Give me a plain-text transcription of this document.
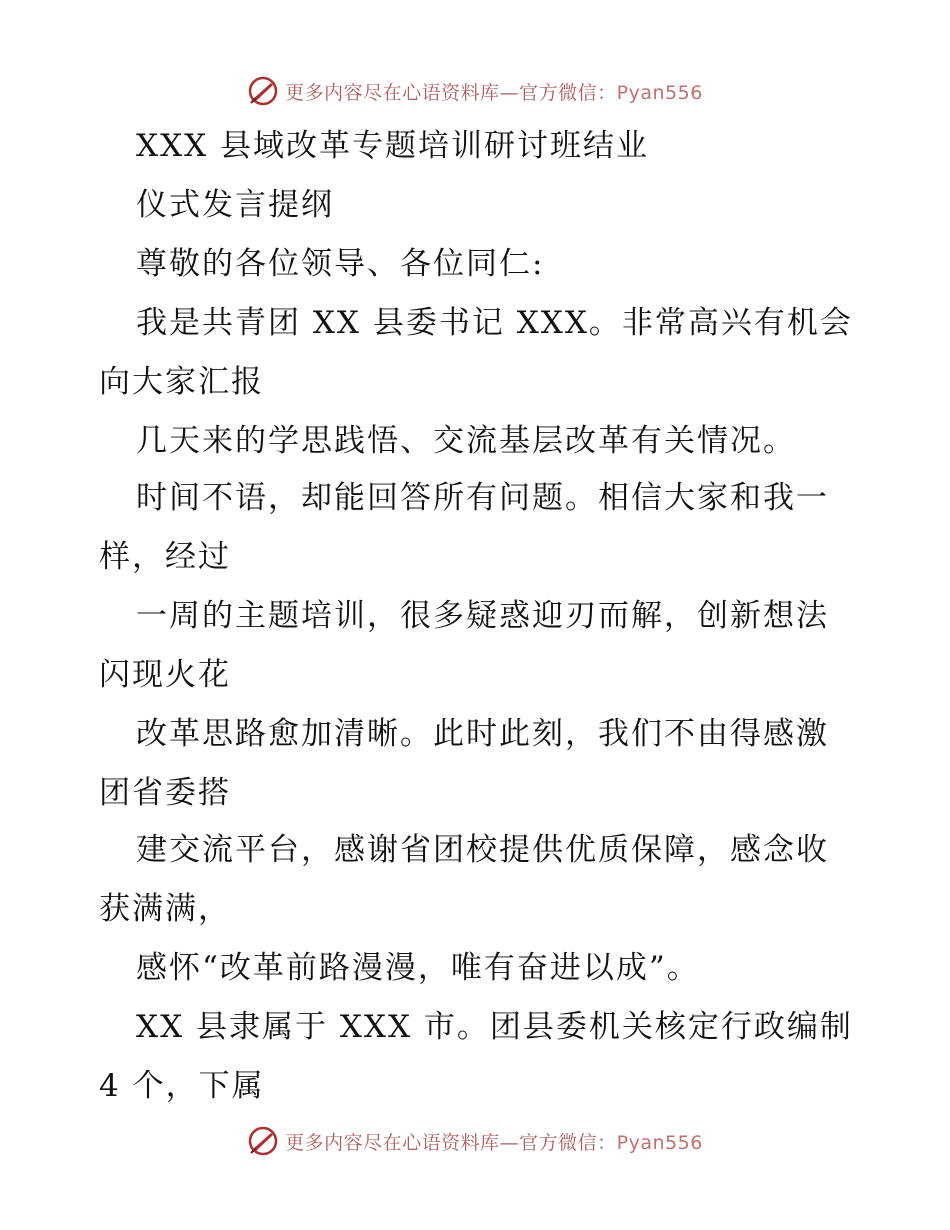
更多内容尽在心语资料库—官方微信：Pyan556
XXX 县域改革专题培训研讨班结业
仪式发言提纲
尊敬的各位领导、各位同仁:
我是共青团 XX 县委书记 XXX。非常高兴有机会
向大家汇报
几天来的学思践悟、交流基层改革有关情况。
时间不语，却能回答所有问题。相信大家和我一
样，经过
一周的主题培训，很多疑惑迎刃而解，创新想法
闪现火花
改革思路愈加清晰。此时此刻，我们不由得感激
团省委搭
建交流平台，感谢省团校提供优质保障，感念收
获满满，
感怀“改革前路漫漫，唯有奋进以成”。
XX 县隶属于 XXX 市。团县委机关核定行政编制
4 个，下属
更多内容尽在心语资料库—官方微信：Pyan556
